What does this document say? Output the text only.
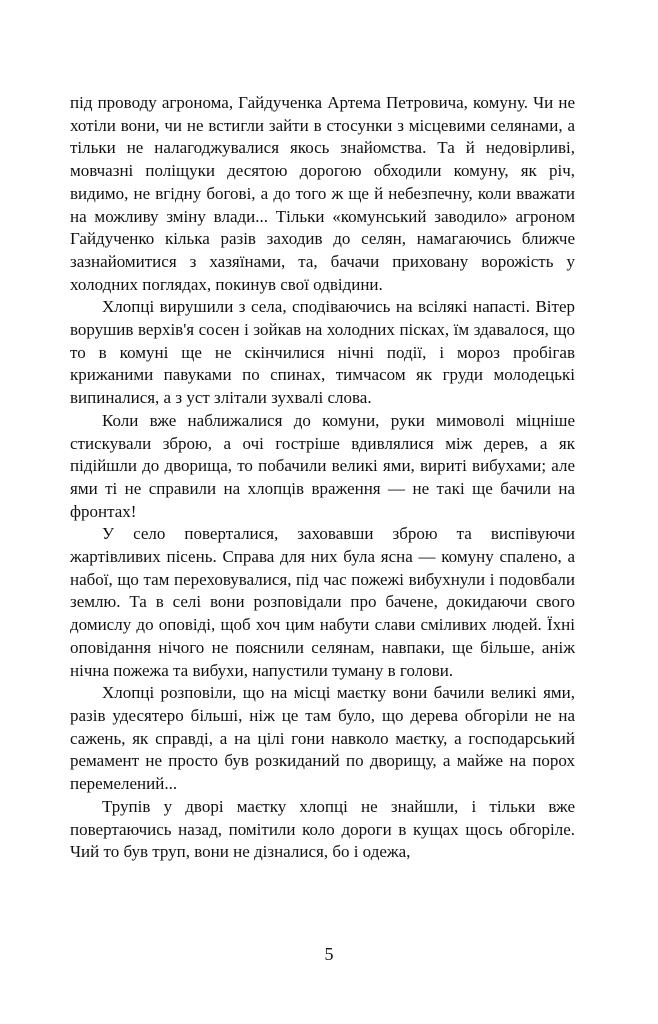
під проводу агронома, Гайдученка Артема Петровича, комуну. Чи не хотіли вони, чи не встигли зайти в стосунки з місцевими селянами, а тільки не налагоджувалися якось знайомства. Та й недовірливі, мовчазні поліщуки десятою дорогою обходили комуну, як річ, видимо, не вгідну богові, а до того ж ще й небезпечну, коли вважати на можливу зміну влади... Тільки «комунський заводило» агроном Гайдученко кілька разів заходив до селян, намагаючись ближче зазнайомитися з хазяїнами, та, бачачи приховану ворожість у холодних поглядах, покинув свої одвідини.

Хлопці вирушили з села, сподіваючись на всілякі напасті. Вітер ворушив верхів'я сосен і зойкав на холодних пісках, їм здавалося, що то в комуні ще не скінчилися нічні події, і мороз пробігав крижаними павуками по спинах, тимчасом як груди молодецькі випиналися, а з уст злітали зухвалі слова.

Коли вже наближалися до комуни, руки мимоволі міцніше стискували зброю, а очі гостріше вдивлялися між дерев, а як підійшли до дворища, то побачили великі ями, вириті вибухами; але ями ті не справили на хлопців враження — не такі ще бачили на фронтах!

У село поверталися, заховавши зброю та виспівуючи жартівливих пісень. Справа для них була ясна — комуну спалено, а набої, що там переховувалися, під час пожежі вибухнули і подовбали землю. Та в селі вони розповідали про бачене, докидаючи свого домислу до оповіді, щоб хоч цим набути слави сміливих людей. Їхні оповідання нічого не пояснили селянам, навпаки, ще більше, аніж нічна пожежа та вибухи, напустили туману в голови.

Хлопці розповіли, що на місці маєтку вони бачили великі ями, разів удесятеро більші, ніж це там було, що дерева обгоріли не на сажень, як справді, а на цілі гони навколо маєтку, а господарський ремамент не просто був розкиданий по дворищу, а майже на порох перемелений...

Трупів у дворі маєтку хлопці не знайшли, і тільки вже повертаючись назад, помітили коло дороги в кущах щось обгоріле. Чий то був труп, вони не дізналися, бо і одежа,

5
